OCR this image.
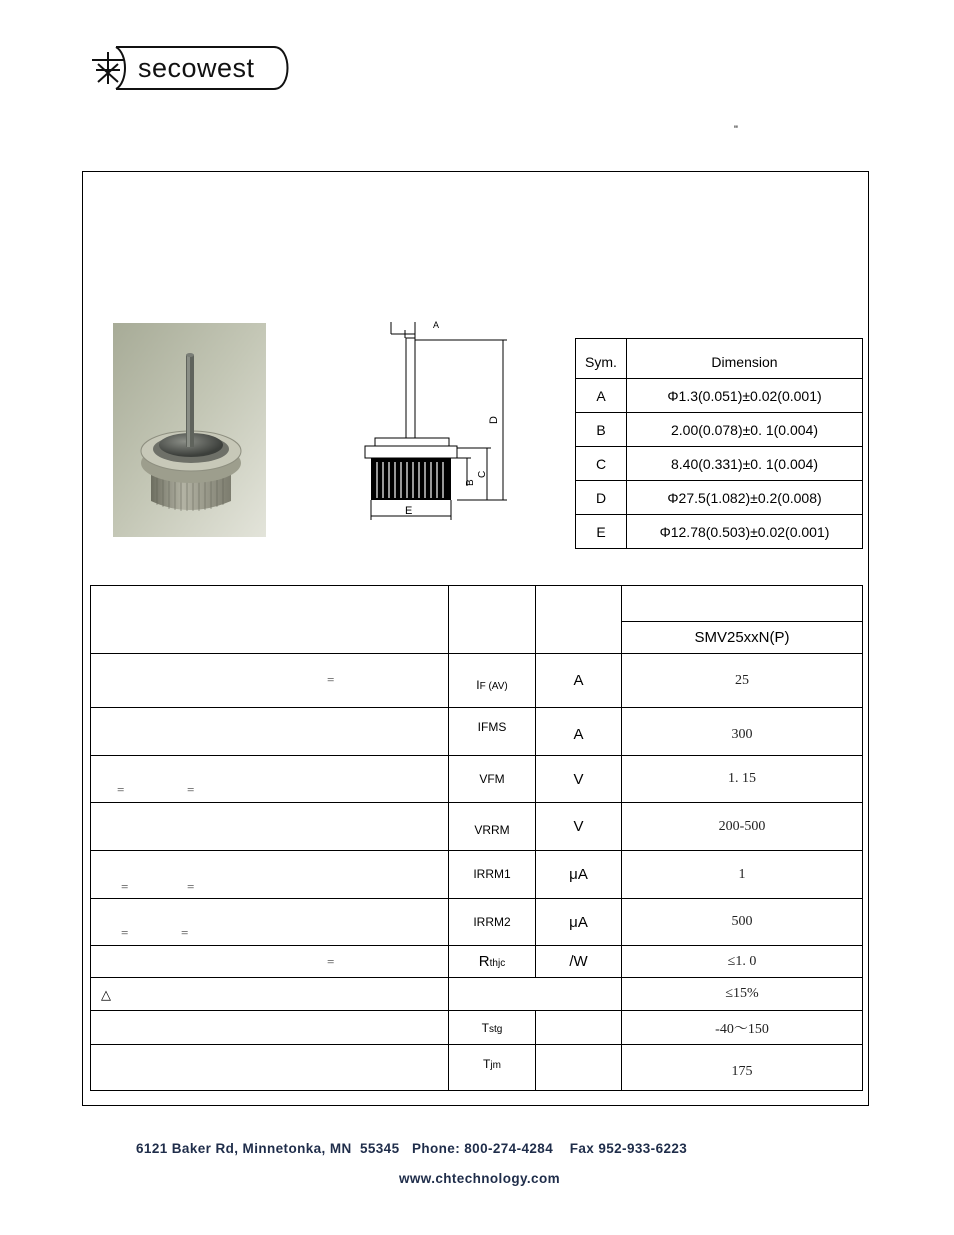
secowest
"
A
D
B
C
E
Sym.	Dimension
A	Φ1.3(0.051)±0.02(0.001)
B	2.00(0.078)±0. 1(0.004)
C	8.40(0.331)±0. 1(0.004)
D	Φ27.5(1.082)±0.2(0.008)
E	Φ12.78(0.503)±0.02(0.001)

			SMV25xxN(P)

=	IF (AV)	A	25
	IFMS	A	300

= =	VFM	V	1. 15
	VRRM	V	200-500

= =	IRRM1	μA	1

= =	IRRM2	μA	500

=	Rthjc	/W	≤1. 0

△			≤15%
	Tstg		-40～150
	Tjm		175
6121 Baker Rd, Minnetonka, MN  55345   Phone: 800-274-4284    Fax 952-933-6223
www.chtechnology.com
